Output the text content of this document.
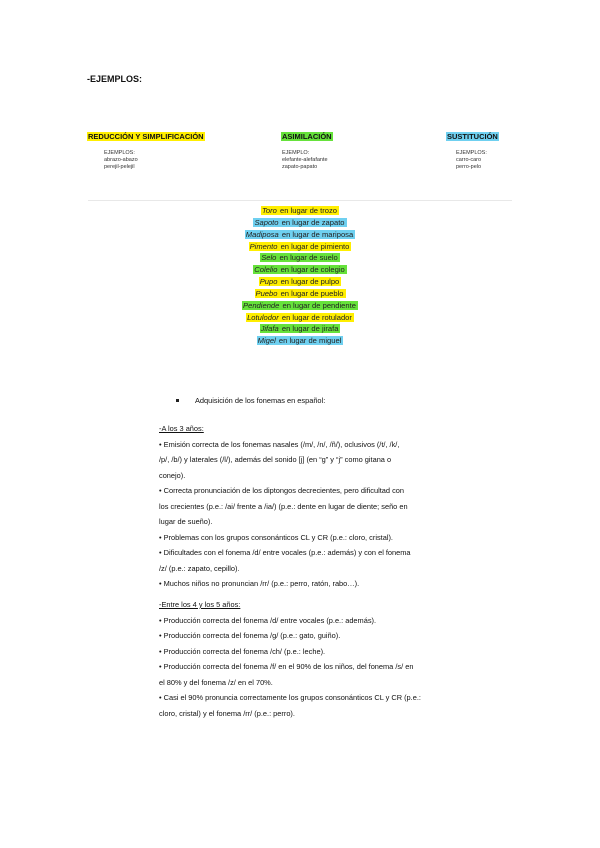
-EJEMPLOS:
REDUCCIÓN Y SIMPLIFICACIÓN
EJEMPLOS:
abrazo-abazo
perejil-pelejil
ASIMILACIÓN
EJEMPLO:
elefante-alefafante
zapato-papato
SUSTITUCIÓN
EJEMPLOS:
carro-caro
perro-pelo
Toro en lugar de trozo
Sapoto en lugar de zapato
Madiposa en lugar de mariposa
Pimento en lugar de pimiento
Selo en lugar de suelo
Colelio en lugar de colegio
Pupo en lugar de pulpo
Puebo en lugar de pueblo
Pendiende en lugar de pendiente
Lotulodor en lugar de rotulador
Jifafa en lugar de jirafa
Migel en lugar de miguel
Adquisición de los fonemas en español:

-A los 3 años:

• Emisión correcta de los fonemas nasales (/m/, /n/, /ñ/), oclusivos (/t/, /k/,

/p/, /b/) y laterales (/l/), además del sonido [j] (en “g” y “j” como gitana o

conejo).

• Correcta pronunciación de los diptongos decrecientes, pero dificultad con

los crecientes (p.e.: /ai/ frente a /ia/) (p.e.: dente en lugar de diente; seño en

lugar de sueño).

• Problemas con los grupos consonánticos CL y CR (p.e.: cloro, cristal).

• Dificultades con el fonema /d/ entre vocales (p.e.: además) y con el fonema

/z/ (p.e.: zapato, cepillo).

• Muchos niños no pronuncian /rr/ (p.e.: perro, ratón, rabo…).

-Entre los 4 y los 5 años:

• Producción correcta del fonema /d/ entre vocales (p.e.: además).

• Producción correcta del fonema /g/ (p.e.: gato, guiño).

• Producción correcta del fonema /ch/ (p.e.: leche).

• Producción correcta del fonema /f/ en el 90% de los niños, del fonema /s/ en

el 80% y del fonema /z/ en el 70%.

• Casi el 90% pronuncia correctamente los grupos consonánticos CL y CR (p.e.:

cloro, cristal) y el fonema /rr/ (p.e.: perro).
